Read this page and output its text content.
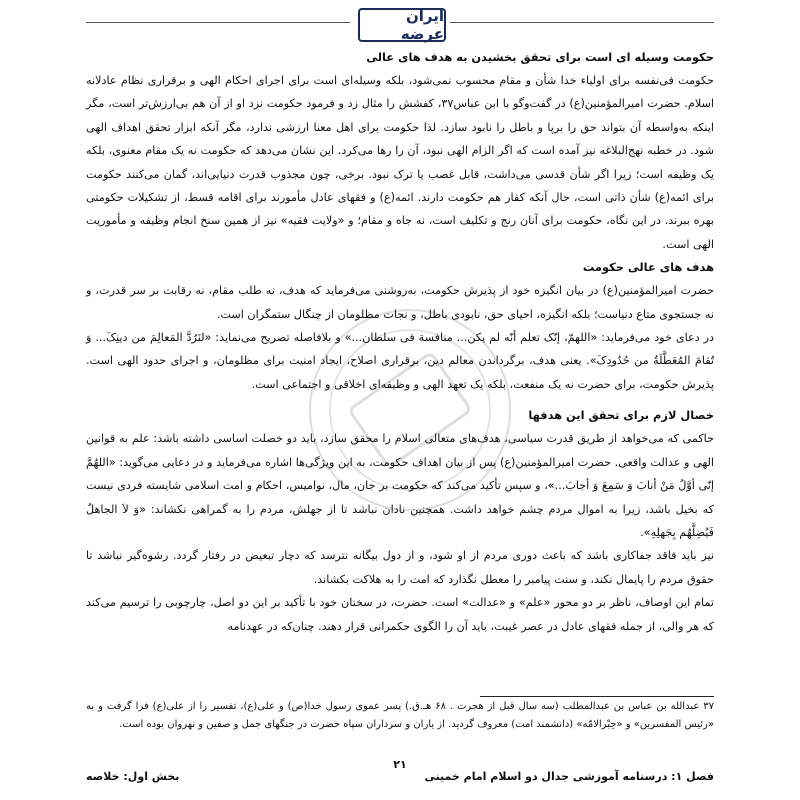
ایران عرضه
حکومت وسیله ای است برای تحقق بخشیدن به هدف های عالی

حکومت فی‌نفسه برای اولیاء خدا شأن و مقام محسوب نمی‌شود، بلکه وسیله‌ای است برای اجرای احکام الهی و برقراری نظام عادلانه اسلام. حضرت امیرالمؤمنین(ع) در گفت‌وگو با ابن عباس۳۷، کفشش را مثال زد و فرمود حکومت نزد او از آن هم بی‌ارزش‌تر است، مگر اینکه به‌واسطه آن بتواند حق را برپا و باطل را نابود سازد. لذا حکومت برای اهل معنا ارزشی ندارد، مگر آنکه ابزار تحقق اهداف الهی شود. در خطبه نهج‌البلاغه نیز آمده است که اگر الزام الهی نبود، آن را رها می‌کرد. این نشان می‌دهد که حکومت نه یک مقام معنوی، بلکه یک وظیفه است؛ زیرا اگر شأن قدسی می‌داشت، قابل غصب یا ترک نبود. برخی، چون مجذوب قدرت دنیایی‌اند، گمان می‌کنند حکومت برای ائمه(ع) شأن ذاتی است، حال آنکه کفار هم حکومت دارند. ائمه(ع) و فقهای عادل مأمورند برای اقامه قسط، از تشکیلات حکومتی بهره ببرند. در این نگاه، حکومت برای آنان رنج و تکلیف است، نه جاه و مقام؛ و «ولایت فقیه» نیز از همین سنخ انجام وظیفه و مأموریت الهی است.

هدف های عالی حکومت

حضرت امیرالمؤمنین(ع) در بیان انگیزه خود از پذیرش حکومت، به‌روشنی می‌فرماید که هدف، نه طلب مقام، نه رقابت بر سر قدرت، و نه جستجوی متاع دنیاست؛ بلکه انگیزه، احیای حق، نابودی باطل، و نجات مظلومان از چنگال ستمگران است.

در دعای خود می‌فرماید: «اللهمّ، إنّک تعلم أنّه لم یکن... منافسة فی سلطان...» و بلافاصله تصریح می‌نماید: «لنَرُدَّ المَعالِمَ من دینِکَ... وَ تُقامَ المُعَطَّلَةُ من حُدُودِکَ». یعنی هدف، برگرداندن معالم دین، برقراری اصلاح، ایجاد امنیت برای مظلومان، و اجرای حدود الهی است. پذیرش حکومت، برای حضرت نه یک منفعت، بلکه یک تعهد الهی و وظیفه‌ای اخلاقی و اجتماعی است.

خصال لازم برای تحقق این هدفها

حاکمی که می‌خواهد از طریق قدرت سیاسی، هدف‌های متعالی اسلام را محقق سازد، باید دو خصلت اساسی داشته باشد: علم به قوانین الهی و عدالت واقعی. حضرت امیرالمؤمنین(ع) پس از بیان اهداف حکومت، به این ویژگی‌ها اشاره می‌فرماید و در دعایی می‌گوید: «اللهُمَّ إنّی أوَّلُ مَنْ أنابَ وَ سَمِعَ وَ أجابَ...»، و سپس تأکید می‌کند که حکومت بر جان، مال، نوامیس، احکام و امت اسلامی شایسته فردی نیست که بخیل باشد، زیرا به اموال مردم چشم خواهد داشت. همچنین نادان نباشد تا از جهلش، مردم را به گمراهی نکشاند: «وَ لاَ الجاهلُ فَیُضِلَّهُم بِجَهلِهِ».

نیز باید فاقد جفاکاری باشد که باعث دوری مردم از او شود، و از دول بیگانه نترسد که دچار تبعیض در رفتار گردد. رشوه‌گیر نباشد تا حقوق مردم را پایمال نکند، و سنت پیامبر را معطل نگذارد که امت را به هلاکت بکشاند.

تمام این اوصاف، ناظر بر دو محور «علم» و «عدالت» است. حضرت، در سخنان خود با تأکید بر این دو اصل، چارچوبی را ترسیم می‌کند که هر والی، از جمله فقهای عادل در عصر غیبت، باید آن را الگوی حکمرانی قرار دهند. چنان‌که در عهدنامه

۳۷ عبدالله بن عباس بن عبدالمطلب (سه سال قبل از هجرت . ۶۸ هـ.ق.) پسر عموی رسول خدا(ص) و علی(ع)، تفسیر را از علی(ع) فرا گرفت و به «رئیس المفسرین» و «حِبْرالامّه» (دانشمند امت) معروف گردید. از یاران و سرداران سپاه حضرت در جنگهای جمل و صفین و نهروان بوده است.
۲۱
فصل ۱: درسنامه آموزشی جدال دو اسلام امام خمینی
بخش اول: خلاصه
